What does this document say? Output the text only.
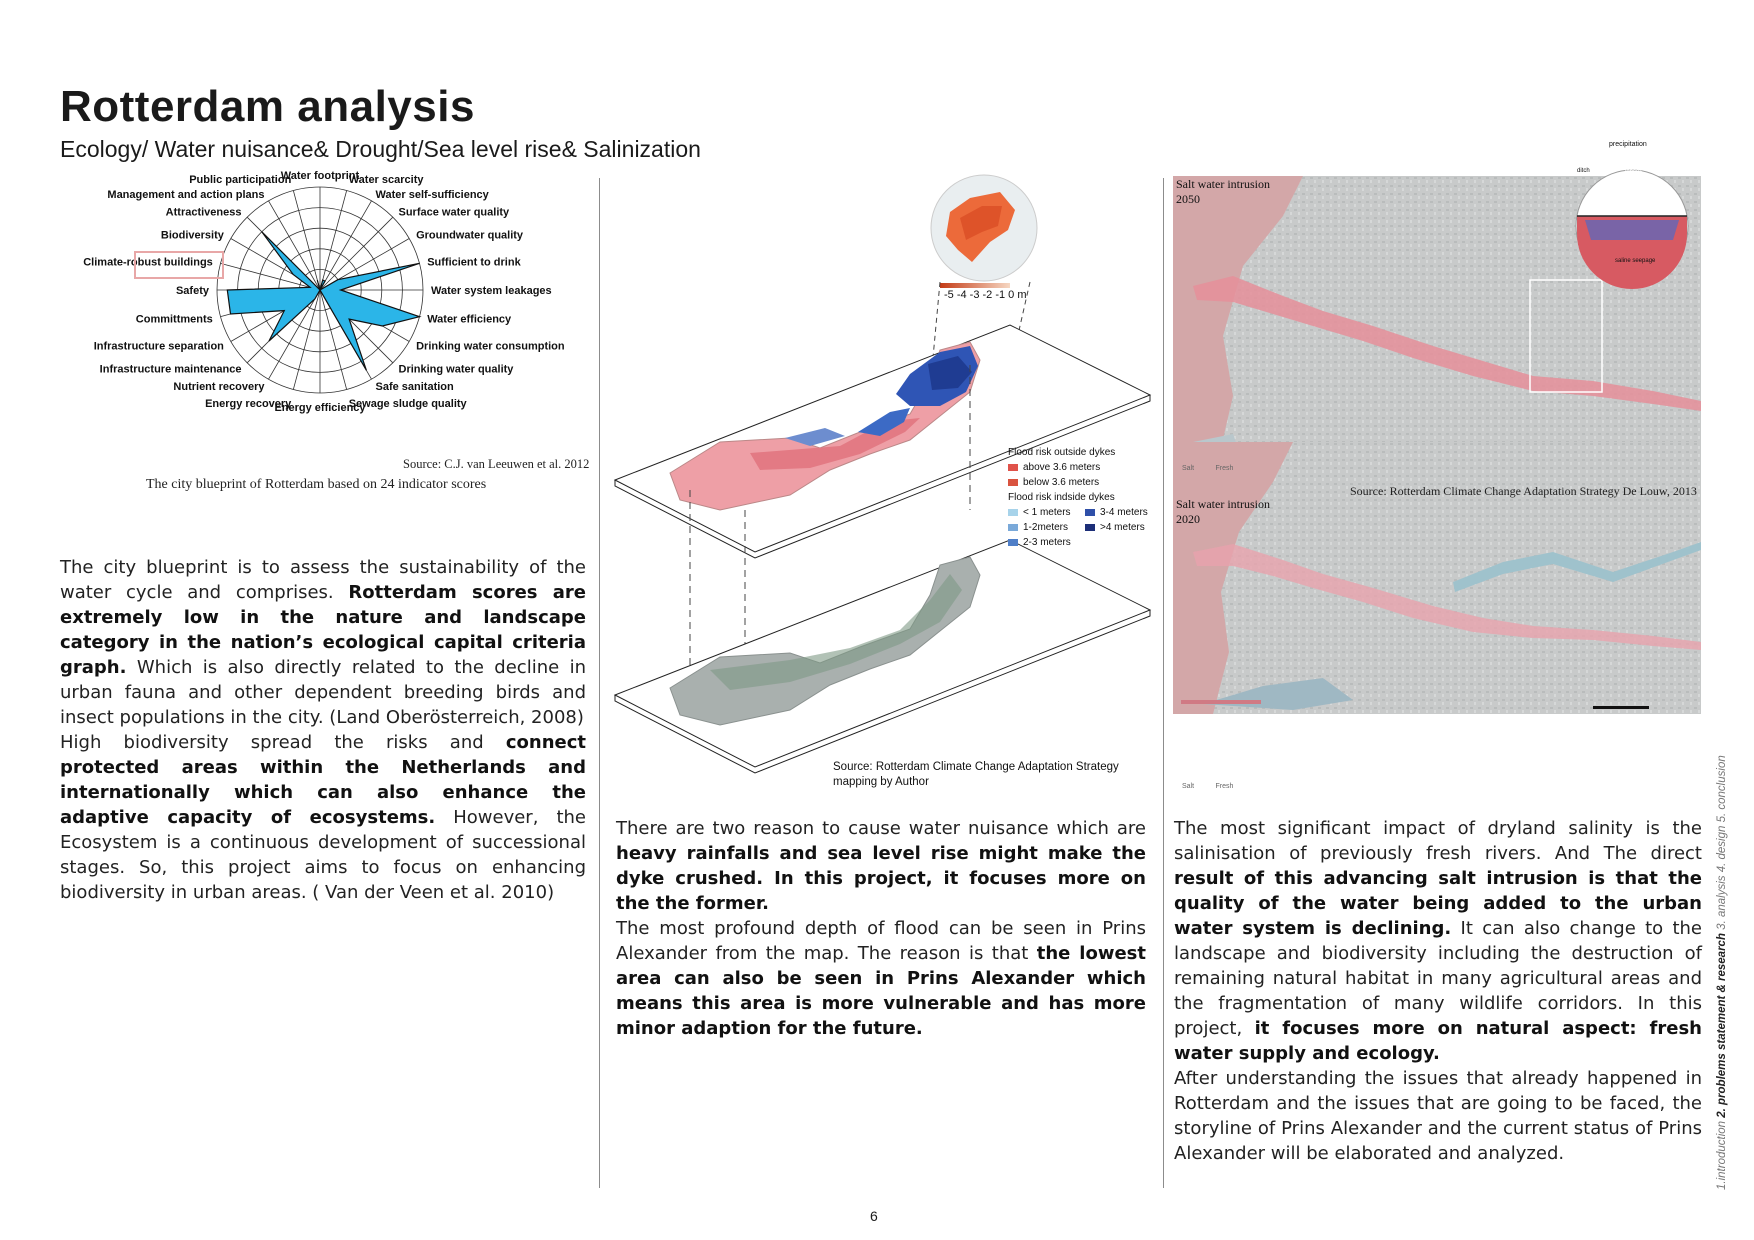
Rotterdam analysis
Ecology/ Water nuisance& Drought/Sea level rise& Salinization
Water footprint
Water scarcity
Water self-sufficiency
Surface water quality
Groundwater quality
Sufficient to drink
Water system leakages
Water efficiency
Drinking water consumption
Drinking water quality
Safe sanitation
Sewage sludge quality
Energy efficiency
Energy recovery
Nutrient recovery
Infrastructure maintenance
Infrastructure separation
Committments
Safety
Climate-robust buildings
Biodiversity
Attractiveness
Management and action plans
Public participation
Source: C.J. van Leeuwen et al. 2012
The city blueprint of Rotterdam based on 24 indicator scores
The city blueprint is to assess the sustainability of the water cycle and comprises. Rotterdam scores are extremely low in the nature and landscape category in the nation’s ecological capital criteria graph. Which is also directly related to the decline in urban fauna and other dependent breeding birds and insect populations in the city. (Land Oberösterreich, 2008)
High biodiversity spread the risks and connect protected areas within the Netherlands and internationally which can also enhance the adaptive capacity of ecosystems. However, the Ecosystem is a continuous development of successional stages. So, this project aims to focus on enhancing biodiversity in urban areas. ( Van der Veen et al. 2010)
-5 -4 -3 -2 -1 0 m
Flood risk outside dykes
above 3.6 meters
below 3.6 meters
Flood risk indside dykes
< 1 meters	3-4 meters
1-2meters	>4 meters
2-3 meters
Source: Rotterdam Climate Change Adaptation Strategy
mapping by Author
There are two reason to cause water nuisance which are heavy rainfalls and sea level rise might make the dyke crushed. In this project, it focuses more on the the former.
The most profound depth of flood can be seen in Prins Alexander from the map. The reason is that the lowest area can also be seen in Prins Alexander which means this area is more vulnerable and has more minor adaption for the future.
Salt water intrusion
2050
Salt water intrusion
2020
Salt	Fresh
Salt	Fresh
precipitation
ditch	lenses
saline seepage
Source: Rotterdam Climate Change Adaptation Strategy De Louw, 2013
The most significant impact of dryland salinity is the salinisation of previously fresh rivers. And The direct result of this advancing salt intrusion is that the quality of the water being added to the urban water system is declining. It can also change to the landscape and biodiversity including the destruction of remaining natural habitat in many agricultural areas and the fragmentation of many wildlife corridors. In this project, it focuses more on natural aspect: fresh water supply and ecology.
After understanding the issues that already happened in Rotterdam and the issues that are going to be faced, the storyline of Prins Alexander and the current status of Prins Alexander will be elaborated and analyzed.	1.introduction 2. problems statement & research 3. analysis 4. design 5. conclusion
6
